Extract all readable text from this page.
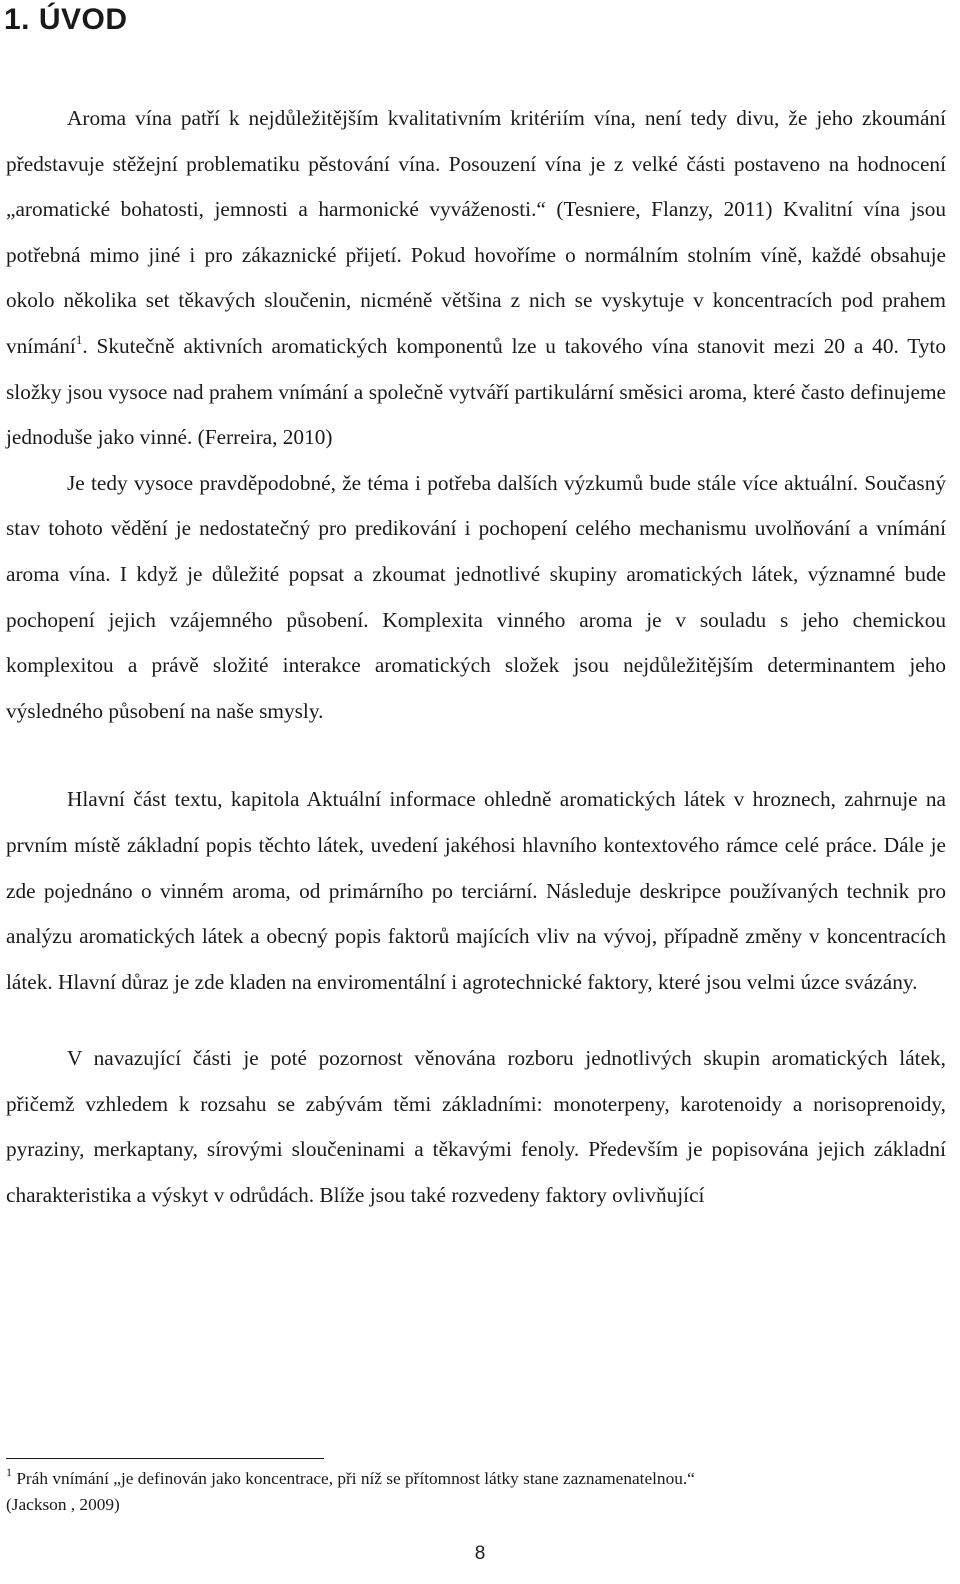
1. ÚVOD

Aroma vína patří k nejdůležitějším kvalitativním kritériím vína, není tedy divu, že jeho zkoumání představuje stěžejní problematiku pěstování vína. Posouzení vína je z velké části postaveno na hodnocení „aromatické bohatosti, jemnosti a harmonické vyváženosti.“ (Tesniere, Flanzy, 2011) Kvalitní vína jsou potřebná mimo jiné i pro zákaznické přijetí. Pokud hovoříme o normálním stolním víně, každé obsahuje okolo několika set těkavých sloučenin, nicméně většina z nich se vyskytuje v koncentracích pod prahem vnímání$^1$. Skutečně aktivních aromatických komponentů lze u takového vína stanovit mezi 20 a 40. Tyto složky jsou vysoce nad prahem vnímání a společně vytváří partikulární směsici aroma, které často definujeme jednoduše jako vinné. (Ferreira, 2010)

Je tedy vysoce pravděpodobné, že téma i potřeba dalších výzkumů bude stále více aktuální. Současný stav tohoto vědění je nedostatečný pro predikování i pochopení celého mechanismu uvolňování a vnímání aroma vína. I když je důležité popsat a zkoumat jednotlivé skupiny aromatických látek, významné bude pochopení jejich vzájemného působení. Komplexita vinného aroma je v souladu s jeho chemickou komplexitou a právě složité interakce aromatických složek jsou nejdůležitějším determinantem jeho výsledného působení na naše smysly.

Hlavní část textu, kapitola Aktuální informace ohledně aromatických látek v hroznech, zahrnuje na prvním místě základní popis těchto látek, uvedení jakéhosi hlavního kontextového rámce celé práce. Dále je zde pojednáno o vinném aroma, od primárního po terciární. Následuje deskripce používaných technik pro analýzu aromatických látek a obecný popis faktorů majících vliv na vývoj, případně změny v koncentracích látek. Hlavní důraz je zde kladen na enviromentální i agrotechnické faktory, které jsou velmi úzce svázány.

V navazující části je poté pozornost věnována rozboru jednotlivých skupin aromatických látek, přičemž vzhledem k rozsahu se zabývám těmi základními: monoterpeny, karotenoidy a norisoprenoidy, pyraziny, merkaptany, sírovými sloučeninami a těkavými fenoly. Především je popisována jejich základní charakteristika a výskyt v odrůdách. Blíže jsou také rozvedeny faktory ovlivňující

$^1$ Práh vnímání „je definován jako koncentrace, při níž se přítomnost látky stane zaznamenatelnou.“
(Jackson , 2009)

8
